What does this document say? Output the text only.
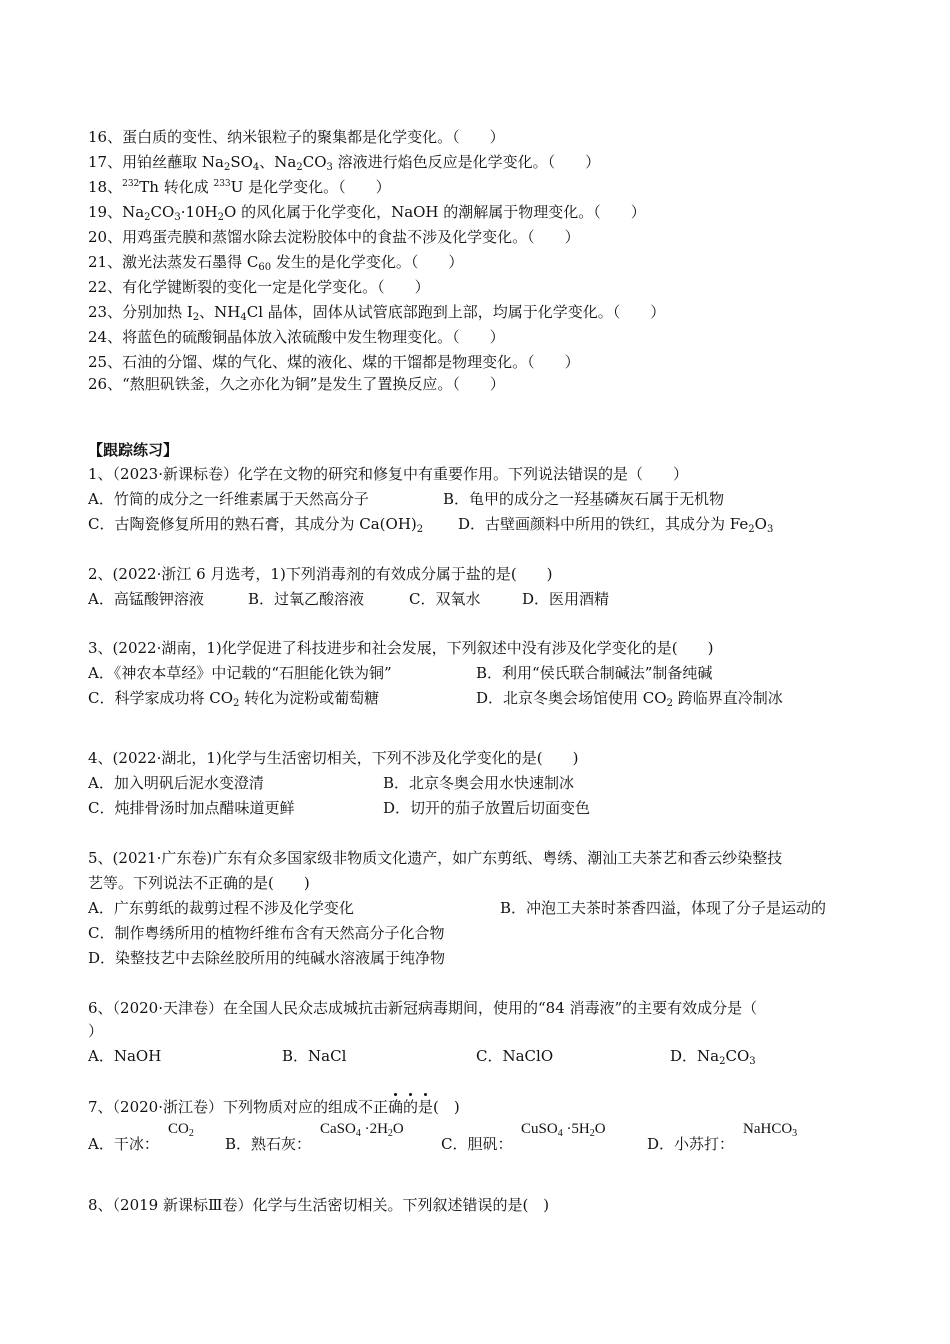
16、蛋白质的变性、纳米银粒子的聚集都是化学变化。（　　）
17、用铂丝蘸取 $Na_2SO_4$、$Na_2CO_3$ 溶液进行焰色反应是化学变化。（　　）
18、$^{232}$Th 转化成 $^{233}$U 是化学变化。（　　）
19、$Na_2CO_3\cdot 10H_2O$ 的风化属于化学变化，NaOH 的潮解属于物理变化。（　　）
20、用鸡蛋壳膜和蒸馏水除去淀粉胶体中的食盐不涉及化学变化。（　　）
21、激光法蒸发石墨得 $C_{60}$ 发生的是化学变化。（　　）
22、有化学键断裂的变化一定是化学变化。（　　）
23、分别加热 $I_2$、$NH_4Cl$ 晶体，固体从试管底部跑到上部，均属于化学变化。（　　）
24、将蓝色的硫酸铜晶体放入浓硫酸中发生物理变化。（　　）
25、石油的分馏、煤的气化、煤的液化、煤的干馏都是物理变化。（　　）
26、“熬胆矾铁釜，久之亦化为铜”是发生了置换反应。（　　）
【跟踪练习】
1、（2023·新课标卷）化学在文物的研究和修复中有重要作用。下列说法错误的是（　　）
A．竹简的成分之一纤维素属于天然高分子	B．龟甲的成分之一羟基磷灰石属于无机物
C．古陶瓷修复所用的熟石膏，其成分为 $Ca(OH)_2$ D．古壁画颜料中所用的铁红，其成分为 $Fe_2O_3$
2、(2022·浙江 6 月选考，1)下列消毒剂的有效成分属于盐的是(　　)
A．高锰酸钾溶液	B．过氧乙酸溶液	C．双氧水	D．医用酒精
3、(2022·湖南，1)化学促进了科技进步和社会发展，下列叙述中没有涉及化学变化的是(　　)
A．《神农本草经》中记载的“石胆能化铁为铜”	B．利用“侯氏联合制碱法”制备纯碱
C．科学家成功将 $CO_2$ 转化为淀粉或葡萄糖	D．北京冬奥会场馆使用 $CO_2$ 跨临界直冷制冰
4、(2022·湖北，1)化学与生活密切相关，下列不涉及化学变化的是(　　)
A．加入明矾后泥水变澄清	B．北京冬奥会用水快速制冰
C．炖排骨汤时加点醋味道更鲜	D．切开的茄子放置后切面变色
5、(2021·广东卷)广东有众多国家级非物质文化遗产，如广东剪纸、粤绣、潮汕工夫茶艺和香云纱染整技
艺等。下列说法不正确的是(　　)
A．广东剪纸的裁剪过程不涉及化学变化	B．冲泡工夫茶时茶香四溢，体现了分子是运动的
C．制作粤绣所用的植物纤维布含有天然高分子化合物
D．染整技艺中去除丝胶所用的纯碱水溶液属于纯净物
6、（2020·天津卷）在全国人民众志成城抗击新冠病毒期间，使用的“84 消毒液”的主要有效成分是（
）
A．NaOH	B．NaCl	C．NaClO	D．$Na_2CO_3$
7、（2020·浙江卷）下列物质对应的组成不正确的是(　)
A．干冰：
$CO_2$
B．熟石灰：
CaSO$_4$ $\cdot 2H_2O$
C．胆矾：
CuSO$_4$ $\cdot 5H_2O$
D．小苏打：
NaHCO$_3$
8、（2019 新课标Ⅲ卷）化学与生活密切相关。下列叙述错误的是(　)
